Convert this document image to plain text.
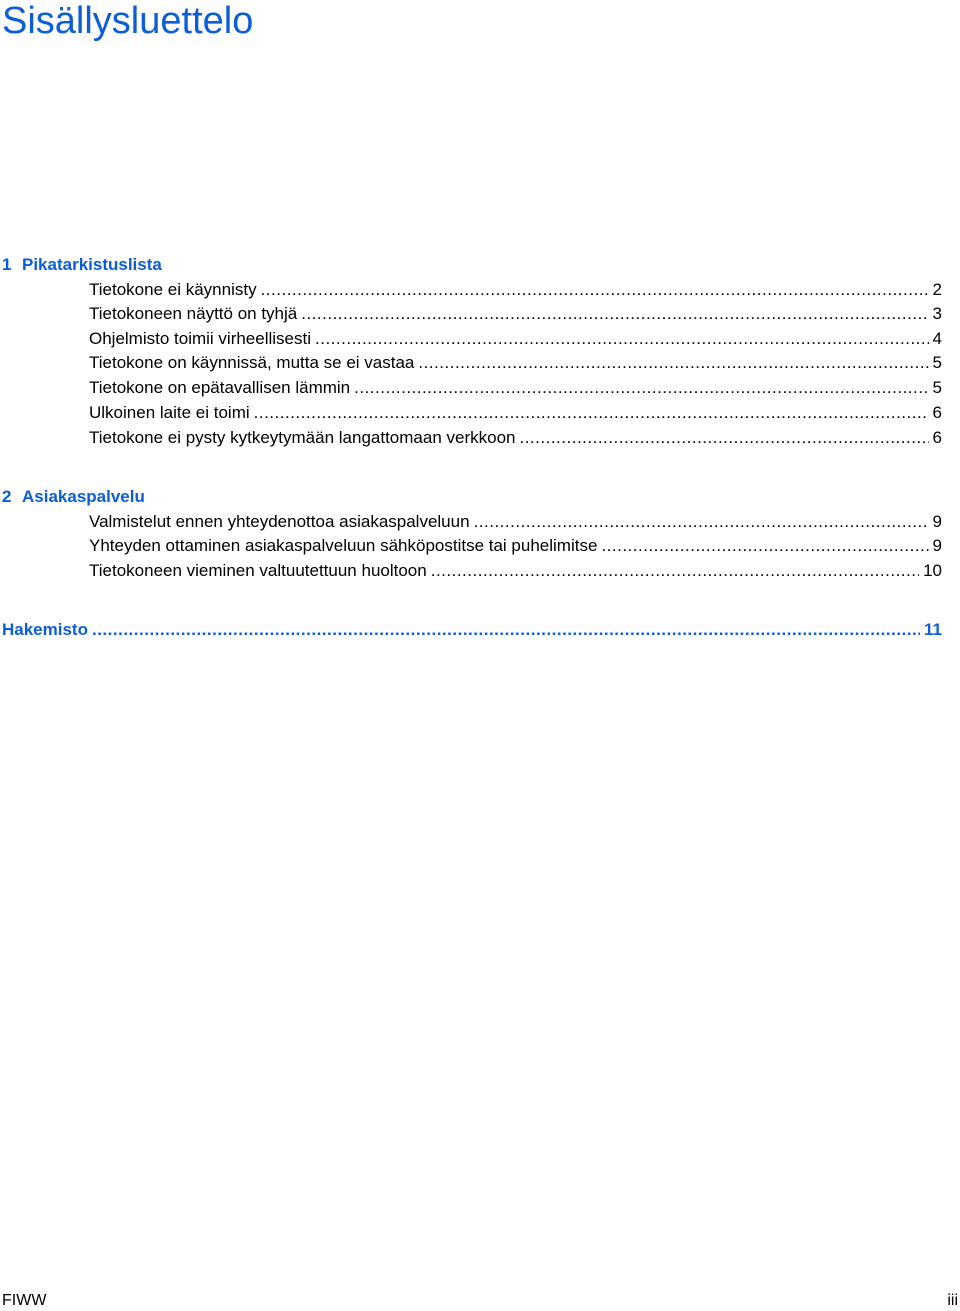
Sisällysluettelo
1 Pikatarkistuslista
Tietokone ei käynnisty .....	2
Tietokoneen näyttö on tyhjä .....	3
Ohjelmisto toimii virheellisesti .....	4
Tietokone on käynnissä, mutta se ei vastaa .....	5
Tietokone on epätavallisen lämmin .....	5
Ulkoinen laite ei toimi .....	6
Tietokone ei pysty kytkeytymään langattomaan verkkoon .....	6
2 Asiakaspalvelu
Valmistelut ennen yhteydenottoa asiakaspalveluun .....	9
Yhteyden ottaminen asiakaspalveluun sähköpostitse tai puhelimitse .....	9
Tietokoneen vieminen valtuutettuun huoltoon .....	10
Hakemisto .....	11
FIWW	iii
